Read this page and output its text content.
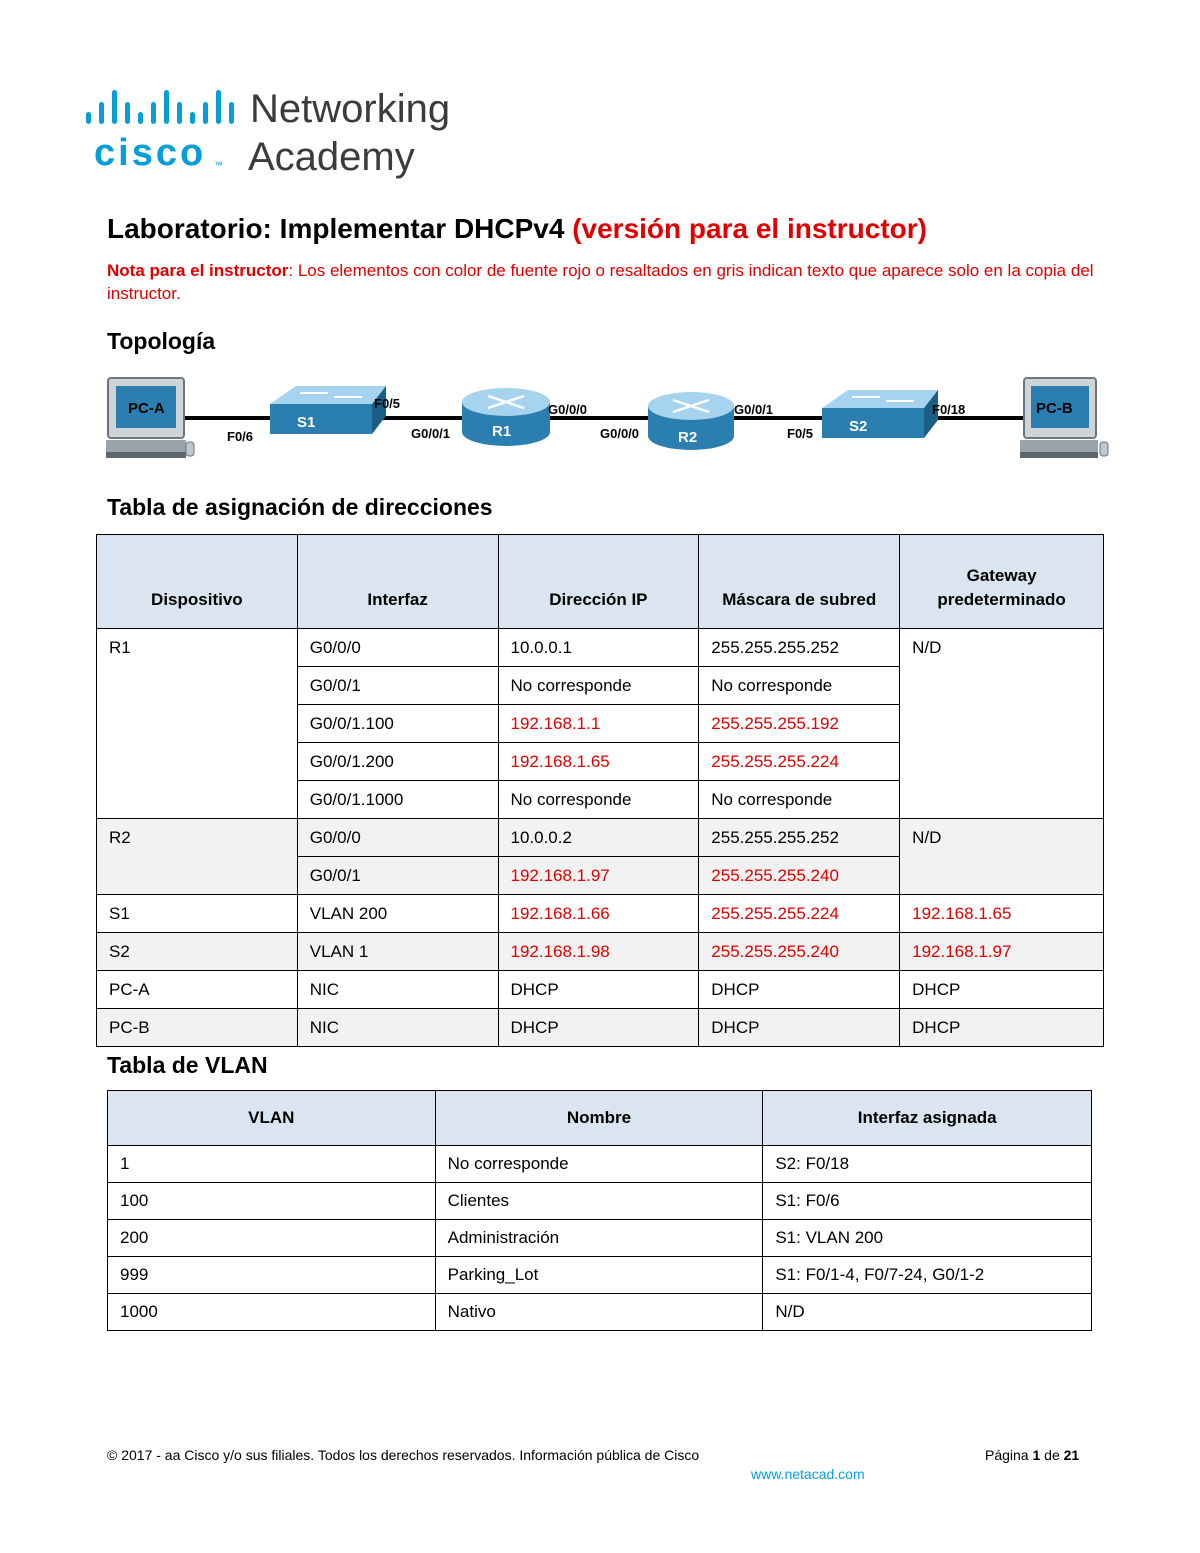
cisco ™
Networking
Academy
Laboratorio: Implementar DHCPv4 (versión para el instructor)
Nota para el instructor: Los elementos con color de fuente rojo o resaltados en gris indican texto que aparece solo en la copia del instructor.
Topología
PC-A
S1
R1	R2
S2
PC-B
F0/6
F0/5
G0/0/1
G0/0/0
G0/0/0
G0/0/1
F0/5
F0/18
Tabla de asignación de direcciones
Dispositivo	Interfaz	Dirección IP	Máscara de subred	Gateway predeterminado
R1	G0/0/0	10.0.0.1	255.255.255.252	N/D
	G0/0/1	No corresponde	No corresponde	
	G0/0/1.100	192.168.1.1	255.255.255.192	
	G0/0/1.200	192.168.1.65	255.255.255.224	
	G0/0/1.1000	No corresponde	No corresponde	
R2	G0/0/0	10.0.0.2	255.255.255.252	N/D
	G0/0/1	192.168.1.97	255.255.255.240	
S1	VLAN 200	192.168.1.66	255.255.255.224	192.168.1.65
S2	VLAN 1	192.168.1.98	255.255.255.240	192.168.1.97
PC-A	NIC	DHCP	DHCP	DHCP
PC-B	NIC	DHCP	DHCP	DHCP
Tabla de VLAN
VLAN	Nombre	Interfaz asignada
1	No corresponde	S2: F0/18
100	Clientes	S1: F0/6
200	Administración	S1: VLAN 200
999	Parking_Lot	S1: F0/1-4, F0/7-24, G0/1-2
1000	Nativo	N/D
© 2017 - aa Cisco y/o sus filiales. Todos los derechos reservados. Información pública de Cisco	Página 1 de 21
www.netacad.com
